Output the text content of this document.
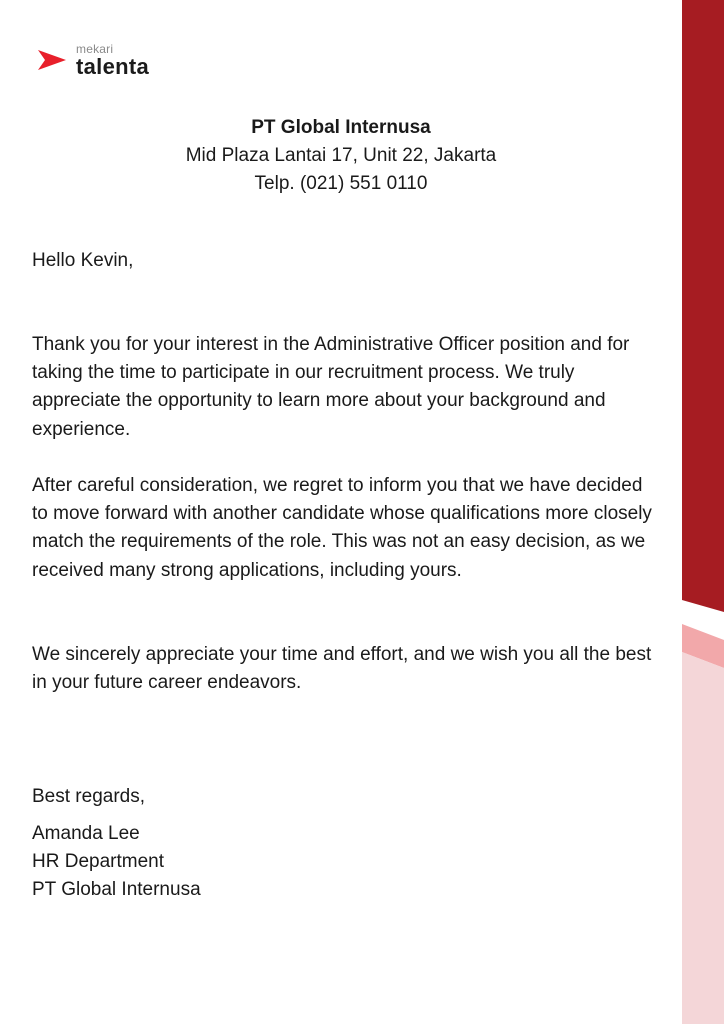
mekari
talenta
PT Global Internusa
Mid Plaza Lantai 17, Unit 22, Jakarta
Telp. (021) 551 0110

Hello Kevin,

Thank you for your interest in the Administrative Officer position and for taking the time to participate in our recruitment process. We truly appreciate the opportunity to learn more about your background and experience.

After careful consideration, we regret to inform you that we have decided to move forward with another candidate whose qualifications more closely match the requirements of the role. This was not an easy decision, as we received many strong applications, including yours.

We sincerely appreciate your time and effort, and we wish you all the best in your future career endeavors.

Best regards,

Amanda Lee
HR Department
PT Global Internusa
